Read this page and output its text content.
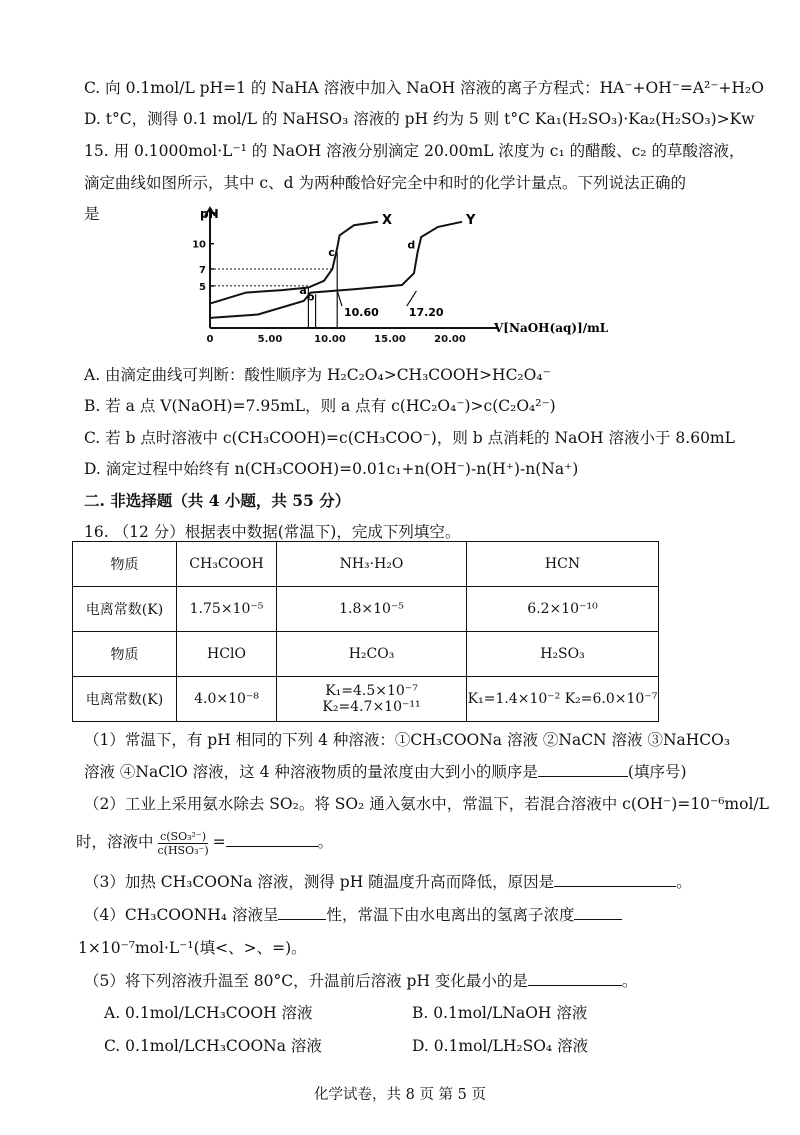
C. 向 0.1mol/L pH=1 的 NaHA 溶液中加入 NaOH 溶液的离子方程式：HA⁻+OH⁻=A²⁻+H₂O
D. t°C，测得 0.1 mol/L 的 NaHSO₃ 溶液的 pH 约为 5 则 t°C Ka₁(H₂SO₃)·Ka₂(H₂SO₃)>Kw
15. 用 0.1000mol·L⁻¹ 的 NaOH 溶液分别滴定 20.00mL 浓度为 c₁ 的醋酸、c₂ 的草酸溶液，
滴定曲线如图所示，其中 c、d 为两种酸恰好完全中和时的化学计量点。下列说法正确的
是
0	5.00	10.00	15.00	20.00
5
7
10
pH
V[NaOH(aq)]/mL
X	Y
a
b
c
d
10.60	17.20
A. 由滴定曲线可判断：酸性顺序为 H₂C₂O₄>CH₃COOH>HC₂O₄⁻
B. 若 a 点 V(NaOH)=7.95mL，则 a 点有 c(HC₂O₄⁻)>c(C₂O₄²⁻)
C. 若 b 点时溶液中 c(CH₃COOH)=c(CH₃COO⁻)，则 b 点消耗的 NaOH 溶液小于 8.60mL
D. 滴定过程中始终有 n(CH₃COOH)=0.01c₁+n(OH⁻)-n(H⁺)-n(Na⁺)
二. 非选择题（共 4 小题，共 55 分）
16. （12 分）根据表中数据(常温下)，完成下列填空。
物质	CH₃COOH	NH₃·H₂O	HCN
电离常数(K)	1.75×10⁻⁵	1.8×10⁻⁵	6.2×10⁻¹⁰
物质	HClO	H₂CO₃	H₂SO₃
电离常数(K)	4.0×10⁻⁸	K₁=4.5×10⁻⁷ K₂=4.7×10⁻¹¹	K₁=1.4×10⁻² K₂=6.0×10⁻⁷
（1）常温下，有 pH 相同的下列 4 种溶液：①CH₃COONa 溶液 ②NaCN 溶液 ③NaHCO₃
溶液 ④NaClO 溶液，这 4 种溶液物质的量浓度由大到小的顺序是	(填序号)
（2）工业上采用氨水除去 SO₂。将 SO₂ 通入氨水中，常温下，若混合溶液中 c(OH⁻)=10⁻⁶mol/L
时，溶液中 $\frac{\text{c(SO₃²⁻)}}{\text{c(HSO₃⁻)}}$ =	。
（3）加热 CH₃COONa 溶液，测得 pH 随温度升高而降低，原因是	。
（4）CH₃COONH₄ 溶液呈	性，常温下由水电离出的氢离子浓度
1×10⁻⁷mol·L⁻¹(填<、>、=)。
（5）将下列溶液升温至 80°C，升温前后溶液 pH 变化最小的是	。
A. 0.1mol/LCH₃COOH 溶液	B. 0.1mol/LNaOH 溶液
C. 0.1mol/LCH₃COONa 溶液	D. 0.1mol/LH₂SO₄ 溶液
化学试卷，共 8 页 第 5 页
